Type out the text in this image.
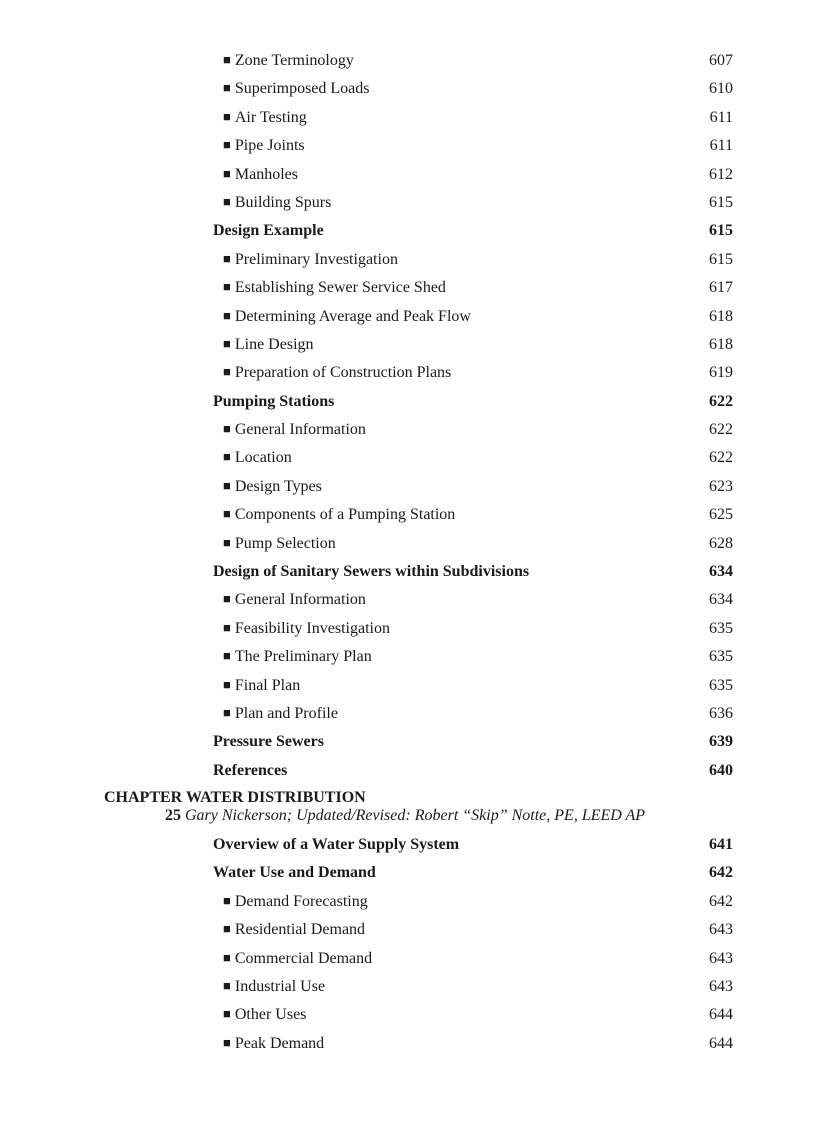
■ Zone Terminology	607
■ Superimposed Loads	610
■ Air Testing	611
■ Pipe Joints	611
■ Manholes	612
■ Building Spurs	615
Design Example	615
■ Preliminary Investigation	615
■ Establishing Sewer Service Shed	617
■ Determining Average and Peak Flow	618
■ Line Design	618
■ Preparation of Construction Plans	619
Pumping Stations	622
■ General Information	622
■ Location	622
■ Design Types	623
■ Components of a Pumping Station	625
■ Pump Selection	628
Design of Sanitary Sewers within Subdivisions	634
■ General Information	634
■ Feasibility Investigation	635
■ The Preliminary Plan	635
■ Final Plan	635
■ Plan and Profile	636
Pressure Sewers	639
References	640
CHAPTER WATER DISTRIBUTION
25 Gary Nickerson; Updated/Revised: Robert “Skip” Notte, PE, LEED AP
Overview of a Water Supply System	641
Water Use and Demand	642
■ Demand Forecasting	642
■ Residential Demand	643
■ Commercial Demand	643
■ Industrial Use	643
■ Other Uses	644
■ Peak Demand	644
